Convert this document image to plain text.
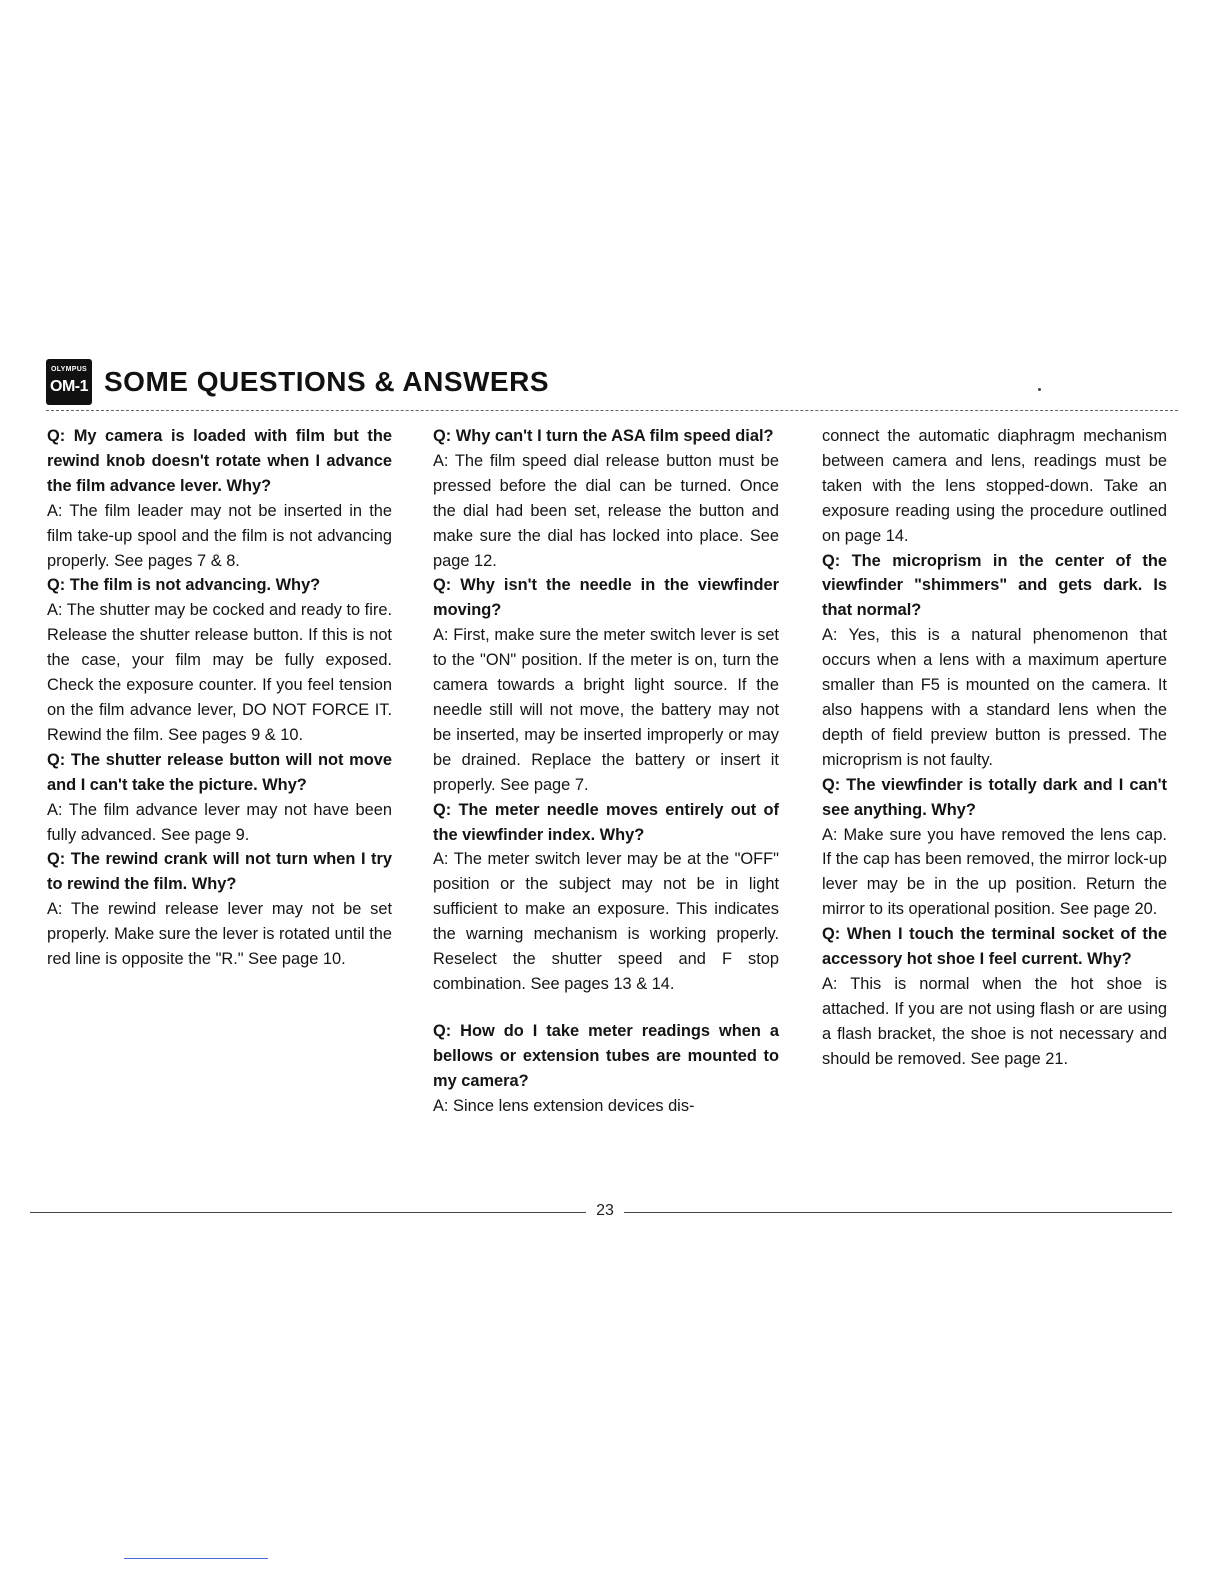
OLYMPUS
OM-1 SOME QUESTIONS & ANSWERS

Q: My camera is loaded with film but the rewind knob doesn't rotate when I advance the film advance lever. Why?

A: The film leader may not be inserted in the film take-up spool and the film is not advancing properly. See pages 7 & 8.

Q: The film is not advancing. Why?

A: The shutter may be cocked and ready to fire. Release the shutter release button. If this is not the case, your film may be fully exposed. Check the exposure counter. If you feel tension on the film advance lever, DO NOT FORCE IT. Rewind the film. See pages 9 & 10.

Q: The shutter release button will not move and I can't take the picture. Why?

A: The film advance lever may not have been fully advanced. See page 9.

Q: The rewind crank will not turn when I try to rewind the film. Why?

A: The rewind release lever may not be set properly. Make sure the lever is rotated until the red line is opposite the "R." See page 10.

Q: Why can't I turn the ASA film speed dial?

A: The film speed dial release button must be pressed before the dial can be turned. Once the dial had been set, release the button and make sure the dial has locked into place. See page 12.

Q: Why isn't the needle in the viewfinder moving?

A: First, make sure the meter switch lever is set to the "ON" position. If the meter is on, turn the camera towards a bright light source. If the needle still will not move, the battery may not be inserted, may be inserted improperly or may be drained. Replace the battery or insert it properly. See page 7.

Q: The meter needle moves entirely out of the viewfinder index. Why?

A: The meter switch lever may be at the "OFF" position or the subject may not be in light sufficient to make an exposure. This indicates the warning mechanism is working properly. Reselect the shutter speed and F stop combination. See pages 13 & 14.

Q: How do I take meter readings when a bellows or extension tubes are mounted to my camera?

A: Since lens extension devices dis-

connect the automatic diaphragm mechanism between camera and lens, readings must be taken with the lens stopped-down. Take an exposure reading using the procedure outlined on page 14.

Q: The microprism in the center of the viewfinder "shimmers" and gets dark. Is that normal?

A: Yes, this is a natural phenomenon that occurs when a lens with a maximum aperture smaller than F5 is mounted on the camera. It also happens with a standard lens when the depth of field preview button is pressed. The microprism is not faulty.

Q: The viewfinder is totally dark and I can't see anything. Why?

A: Make sure you have removed the lens cap. If the cap has been removed, the mirror lock-up lever may be in the up position. Return the mirror to its operational position. See page 20.

Q: When I touch the terminal socket of the accessory hot shoe I feel current. Why?

A: This is normal when the hot shoe is attached. If you are not using flash or are using a flash bracket, the shoe is not necessary and should be removed. See page 21.

23
